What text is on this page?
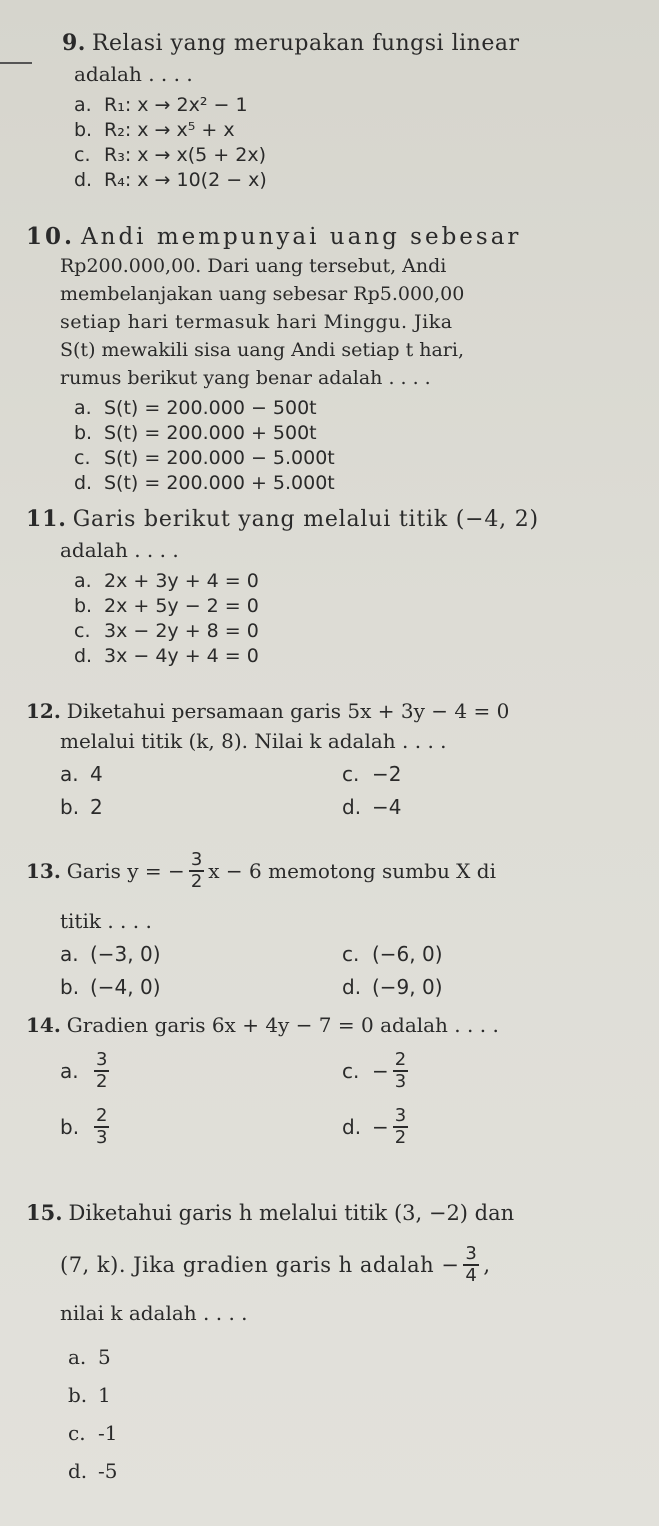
9. Relasi yang merupakan fungsi linear

adalah . . . .

a. R₁: x → 2x² − 1
b. R₂: x → x⁵ + x
c. R₃: x → x(5 + 2x)
d. R₄: x → 10(2 − x)

10. Andi mempunyai uang sebesar

Rp200.000,00. Dari uang tersebut, Andi

membelanjakan uang sebesar Rp5.000,00

setiap hari termasuk hari Minggu. Jika

S(t) mewakili sisa uang Andi setiap t hari,

rumus berikut yang benar adalah . . . .

a. S(t) = 200.000 − 500t
b. S(t) = 200.000 + 500t
c. S(t) = 200.000 − 5.000t
d. S(t) = 200.000 + 5.000t

11. Garis berikut yang melalui titik (−4, 2)

adalah . . . .

a. 2x + 3y + 4 = 0
b. 2x + 5y − 2 = 0
c. 3x − 2y + 8 = 0
d. 3x − 4y + 4 = 0

12. Diketahui persamaan garis 5x + 3y − 4 = 0

melalui titik (k, 8). Nilai k adalah . . . .

a. 4	c. −2
b. 2	d. −4

13. Garis y = − $\frac{3}{2}$ x − 6 memotong sumbu X di

titik . . . .

a. (−3, 0)	c. (−6, 0)
b. (−4, 0)	d. (−9, 0)

14. Gradien garis 6x + 4y − 7 = 0 adalah . . . .

a. $\frac{3}{2}$	c. − $\frac{2}{3}$
b. $\frac{2}{3}$	d. − $\frac{3}{2}$

15. Diketahui garis h melalui titik (3, −2) dan

(7, k). Jika gradien garis h adalah − $\frac{3}{4}$ ,

nilai k adalah . . . .

a. 5
b. 1
c. -1
d. -5
